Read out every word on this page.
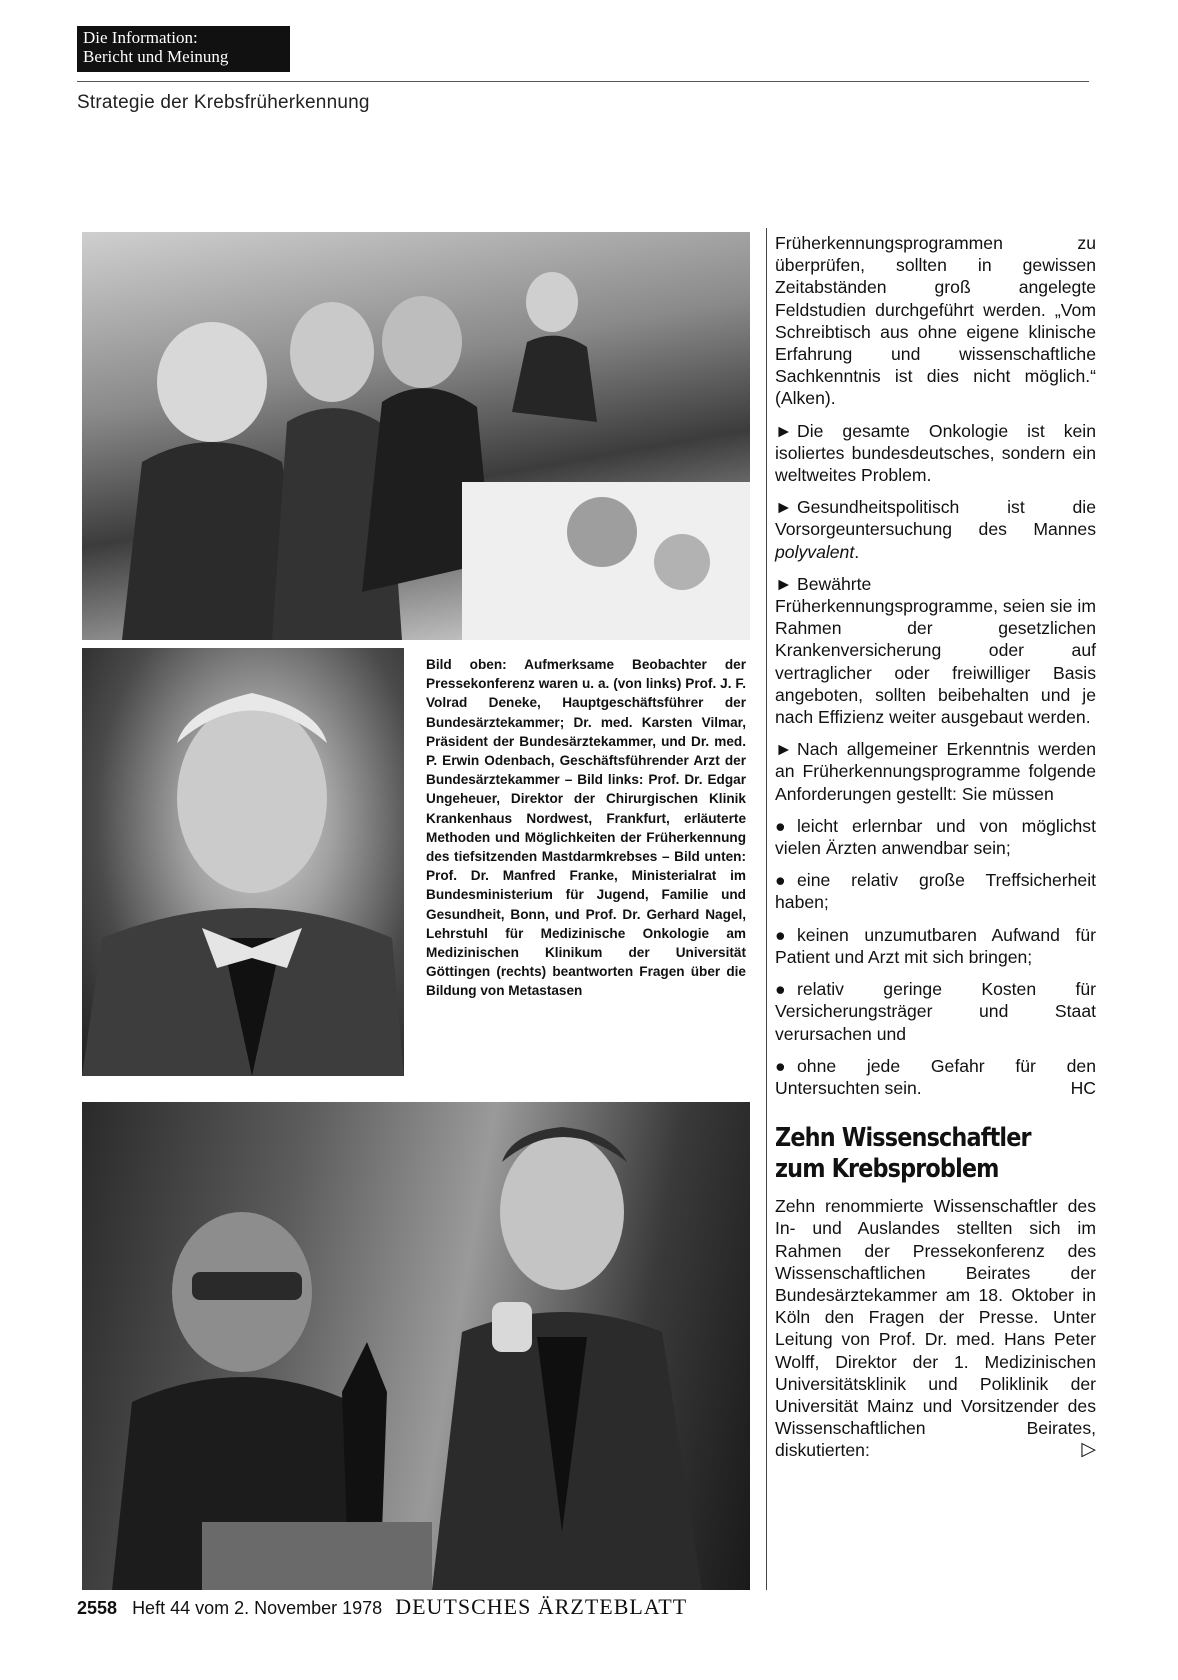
Die Information:
Bericht und Meinung
Strategie der Krebsfrüherkennung
Bild oben: Aufmerksame Beobachter der Pressekonferenz waren u. a. (von links) Prof. J. F. Volrad Deneke, Hauptgeschäftsführer der Bundesärztekammer; Dr. med. Karsten Vilmar, Präsident der Bundesärztekammer, und Dr. med. P. Erwin Odenbach, Geschäftsführender Arzt der Bundesärztekammer – Bild links: Prof. Dr. Edgar Ungeheuer, Direktor der Chirurgischen Klinik Krankenhaus Nordwest, Frankfurt, erläuterte Methoden und Möglichkeiten der Früherkennung des tiefsitzenden Mastdarmkrebses – Bild unten: Prof. Dr. Manfred Franke, Ministerialrat im Bundesministerium für Jugend, Familie und Gesundheit, Bonn, und Prof. Dr. Gerhard Nagel, Lehrstuhl für Medizinische Onkologie am Medizinischen Klinikum der Universität Göttingen (rechts) beantworten Fragen über die Bildung von Metastasen

Früherkennungsprogrammen zu überprüfen, sollten in gewissen Zeitabständen groß angelegte Feldstudien durchgeführt werden. „Vom Schreibtisch aus ohne eigene klinische Erfahrung und wissenschaftliche Sachkenntnis ist dies nicht möglich.“ (Alken).

► Die gesamte Onkologie ist kein isoliertes bundesdeutsches, sondern ein weltweites Problem.

► Gesundheitspolitisch ist die Vorsorgeuntersuchung des Mannes polyvalent.

► Bewährte Früherkennungsprogramme, seien sie im Rahmen der gesetzlichen Krankenversicherung oder auf vertraglicher oder freiwilliger Basis angeboten, sollten beibehalten und je nach Effizienz weiter ausgebaut werden.

► Nach allgemeiner Erkenntnis werden an Früherkennungsprogramme folgende Anforderungen gestellt: Sie müssen

● leicht erlernbar und von möglichst vielen Ärzten anwendbar sein;

● eine relativ große Treffsicherheit haben;

● keinen unzumutbaren Aufwand für Patient und Arzt mit sich bringen;

● relativ geringe Kosten für Versicherungsträger und Staat verursachen und

● ohne jede Gefahr für den Untersuchten sein.	HC

Zehn Wissenschaftler
zum Krebsproblem

Zehn renommierte Wissenschaftler des In- und Auslandes stellten sich im Rahmen der Pressekonferenz des Wissenschaftlichen Beirates der Bundesärztekammer am 18. Oktober in Köln den Fragen der Presse. Unter Leitung von Prof. Dr. med. Hans Peter Wolff, Direktor der 1. Medizinischen Universitätsklinik und Poliklinik der Universität Mainz und Vorsitzender des Wissenschaftlichen Beirates, diskutierten:	▷

2558 Heft 44 vom 2. November 1978 DEUTSCHES ÄRZTEBLATT
